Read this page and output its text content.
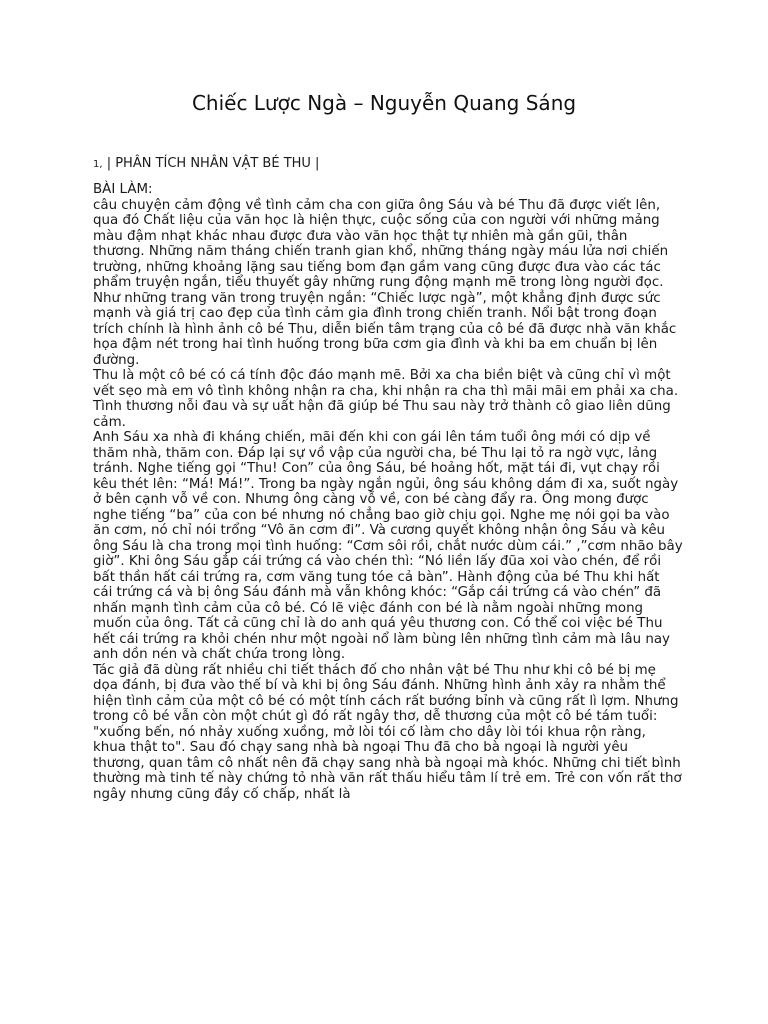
Chiếc Lược Ngà – Nguyễn Quang Sáng
1, | PHÂN TÍCH NHÂN VẬT BÉ THU |
BÀI LÀM:

câu chuyện cảm động về tình cảm cha con giữa ông Sáu và bé Thu đã được viết lên, qua đó Chất liệu của văn học là hiện thực, cuộc sống của con người với những mảng màu đậm nhạt khác nhau được đưa vào văn học thật tự nhiên mà gần gũi, thân thương. Những năm tháng chiến tranh gian khổ, những tháng ngày máu lửa nơi chiến trường, những khoảng lặng sau tiếng bom đạn gầm vang cũng được đưa vào các tác phẩm truyện ngắn, tiểu thuyết gây những rung động mạnh mẽ trong lòng người đọc.

Như những trang văn trong truyện ngắn: “Chiếc lược ngà”, một khẳng định được sức mạnh và giá trị cao đẹp của tình cảm gia đình trong chiến tranh. Nổi bật trong đoạn trích chính là hình ảnh cô bé Thu, diễn biến tâm trạng của cô bé đã được nhà văn khắc họa đậm nét trong hai tình huống trong bữa cơm gia đình và khi ba em chuẩn bị lên đường.

Thu là một cô bé có cá tính độc đáo mạnh mẽ. Bởi xa cha biền biệt và cũng chỉ vì một vết sẹo mà em vô tình không nhận ra cha, khi nhận ra cha thì mãi mãi em phải xa cha. Tình thương nỗi đau và sự uất hận đã giúp bé Thu sau này trở thành cô giao liên dũng cảm.

Anh Sáu xa nhà đi kháng chiến, mãi đến khi con gái lên tám tuổi ông mới có dịp về thăm nhà, thăm con. Đáp lại sự vồ vập của người cha, bé Thu lại tỏ ra ngờ vực, lảng tránh. Nghe tiếng gọi “Thu! Con” của ông Sáu, bé hoảng hốt, mặt tái đi, vụt chạy rồi kêu thét lên: “Má! Má!”. Trong ba ngày ngắn ngủi, ông sáu không dám đi xa, suốt ngày ở bên cạnh vỗ về con. Nhưng ông càng vỗ về, con bé càng đẩy ra. Ông mong được nghe tiếng “ba” của con bé nhưng nó chẳng bao giờ chịu gọi. Nghe mẹ nói gọi ba vào ăn cơm, nó chỉ nói trổng “Vô ăn cơm đi”. Và cương quyết không nhận ông Sáu và kêu ông Sáu là cha trong mọi tình huống: “Cơm sôi rồi, chắt nước dùm cái.” ,”cơm nhão bây giờ”. Khi ông Sáu gắp cái trứng cá vào chén thì: “Nó liền lấy đũa xoi vào chén, để rồi bất thần hất cái trứng ra, cơm văng tung tóe cả bàn”. Hành động của bé Thu khi hất cái trứng cá và bị ông Sáu đánh mà vẫn không khóc: “Gắp cái trứng cá vào chén” đã nhấn mạnh tình cảm của cô bé. Có lẽ việc đánh con bé là nằm ngoài những mong muốn của ông. Tất cả cũng chỉ là do anh quá yêu thương con. Có thể coi việc bé Thu hết cái trứng ra khỏi chén như một ngoài nổ làm bùng lên những tình cảm mà lâu nay anh dồn nén và chất chứa trong lòng.

Tác giả đã dùng rất nhiều chi tiết thách đố cho nhân vật bé Thu như khi cô bé bị mẹ dọa đánh, bị đưa vào thế bí và khi bị ông Sáu đánh. Những hình ảnh xảy ra nhằm thể hiện tình cảm của một cô bé có một tính cách rất bướng bỉnh và cũng rất lì lợm. Nhưng trong cô bé vẫn còn một chút gì đó rất ngây thơ, dễ thương của một cô bé tám tuổi: "xuống bến, nó nhảy xuống xuồng, mở lòi tói cố làm cho dây lòi tói khua rộn ràng, khua thật to". Sau đó chạy sang nhà bà ngoại Thu đã cho bà ngoại là người yêu thương, quan tâm cô nhất nên đã chạy sang nhà bà ngoại mà khóc. Những chi tiết bình thường mà tinh tế này chứng tỏ nhà văn rất thấu hiểu tâm lí trẻ em. Trẻ con vốn rất thơ ngây nhưng cũng đầy cố chấp, nhất là
